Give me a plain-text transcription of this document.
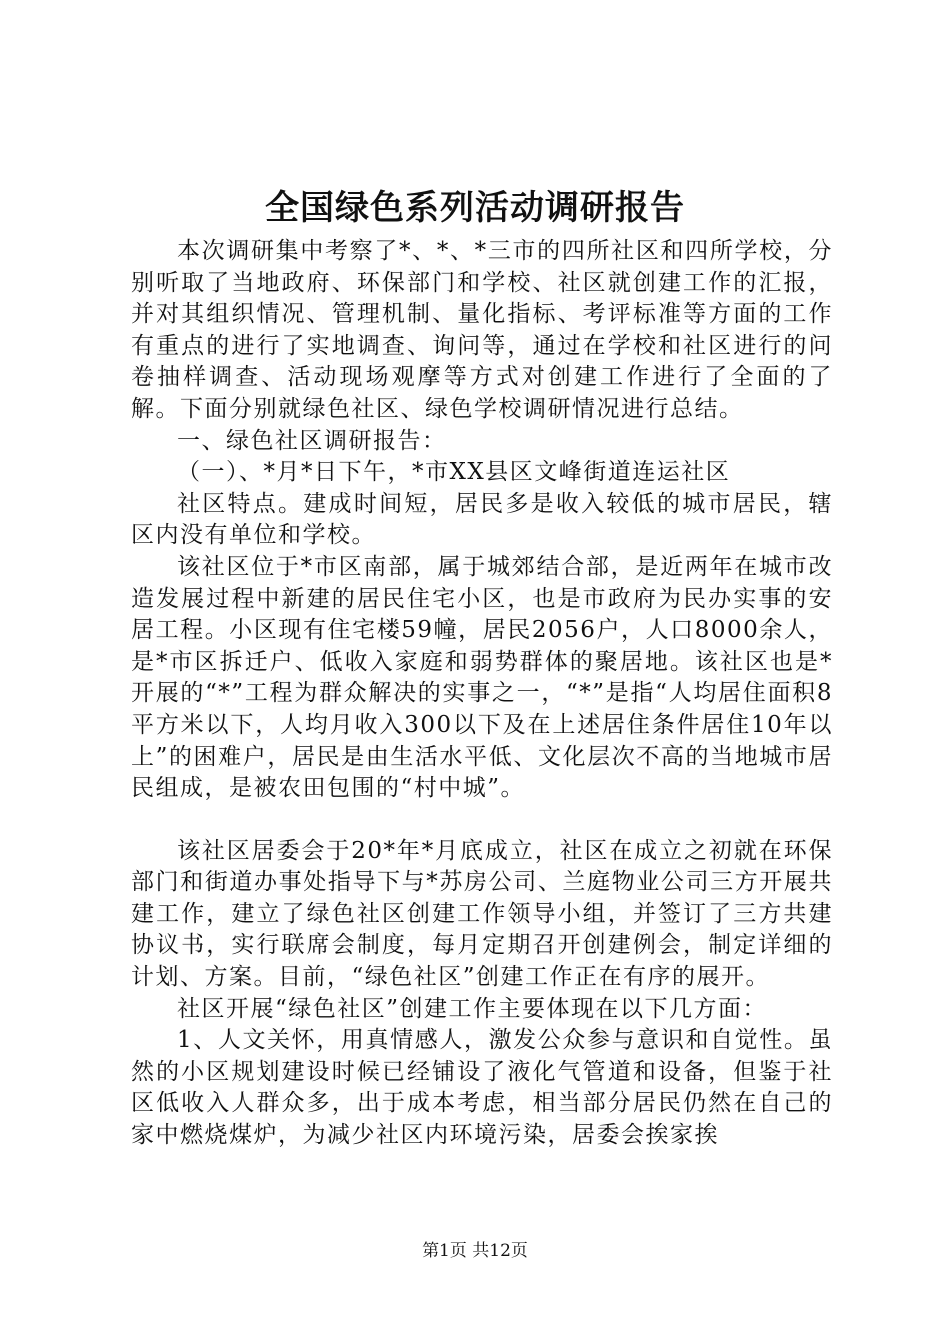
全国绿色系列活动调研报告

本次调研集中考察了*、*、*三市的四所社区和四所学校，分别听取了当地政府、环保部门和学校、社区就创建工作的汇报，并对其组织情况、管理机制、量化指标、考评标准等方面的工作有重点的进行了实地调查、询问等，通过在学校和社区进行的问卷抽样调查、活动现场观摩等方式对创建工作进行了全面的了解。下面分别就绿色社区、绿色学校调研情况进行总结。

一、绿色社区调研报告：

（一）、*月*日下午，*市XX县区文峰街道连运社区

社区特点。建成时间短，居民多是收入较低的城市居民，辖区内没有单位和学校。

该社区位于*市区南部，属于城郊结合部，是近两年在城市改造发展过程中新建的居民住宅小区，也是市政府为民办实事的安居工程。小区现有住宅楼59幢，居民2056户，人口8000余人，是*市区拆迁户、低收入家庭和弱势群体的聚居地。该社区也是*开展的“*”工程为群众解决的实事之一，“*”是指“人均居住面积8平方米以下，人均月收入300以下及在上述居住条件居住10年以上”的困难户，居民是由生活水平低、文化层次不高的当地城市居民组成，是被农田包围的“村中城”。

该社区居委会于20*年*月底成立，社区在成立之初就在环保部门和街道办事处指导下与*苏房公司、兰庭物业公司三方开展共建工作，建立了绿色社区创建工作领导小组，并签订了三方共建协议书，实行联席会制度，每月定期召开创建例会，制定详细的计划、方案。目前，“绿色社区”创建工作正在有序的展开。

社区开展“绿色社区”创建工作主要体现在以下几方面：

1、人文关怀，用真情感人，激发公众参与意识和自觉性。虽然的小区规划建设时候已经铺设了液化气管道和设备，但鉴于社区低收入人群众多，出于成本考虑，相当部分居民仍然在自己的家中燃烧煤炉，为减少社区内环境污染，居委会挨家挨

第1页 共12页
